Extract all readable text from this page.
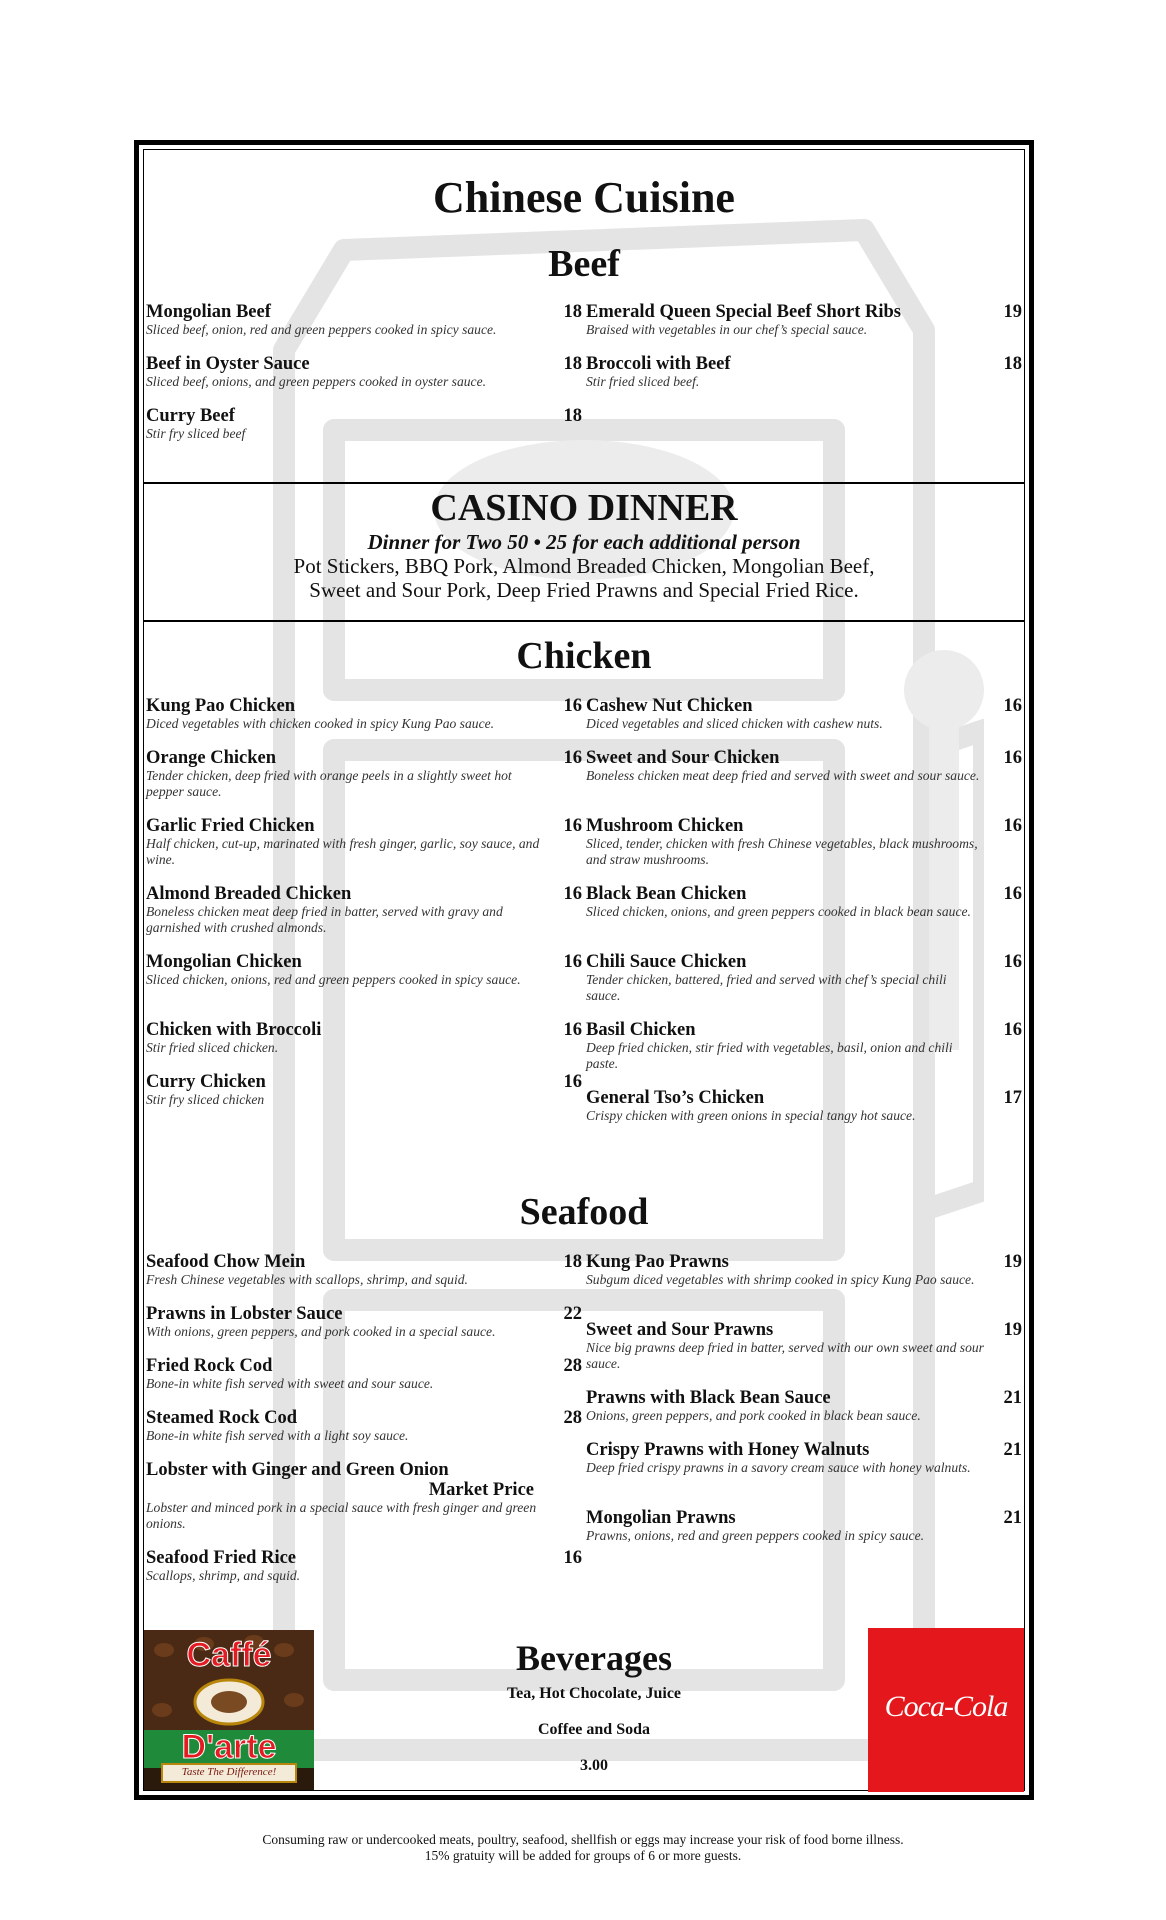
Chinese Cuisine
Beef
Mongolian Beef	18
Sliced beef, onion, red and green peppers cooked in spicy sauce.
Beef in Oyster Sauce	18
Sliced beef, onions, and green peppers cooked in oyster sauce.
Curry Beef	18
Stir fry sliced beef
Emerald Queen Special Beef Short Ribs	19
Braised with vegetables in our chef’s special sauce.
Broccoli with Beef	18
Stir fried sliced beef.
CASINO DINNER
Dinner for Two 50 • 25 for each additional person
Pot Stickers, BBQ Pork, Almond Breaded Chicken, Mongolian Beef,
Sweet and Sour Pork, Deep Fried Prawns and Special Fried Rice.
Chicken
Kung Pao Chicken	16
Diced vegetables with chicken cooked in spicy Kung Pao sauce.
Orange Chicken	16
Tender chicken, deep fried with orange peels in a slightly sweet hot pepper sauce.
Garlic Fried Chicken	16
Half chicken, cut-up, marinated with fresh ginger, garlic, soy sauce, and wine.
Almond Breaded Chicken	16
Boneless chicken meat deep fried in batter, served with gravy and garnished with crushed almonds.
Mongolian Chicken	16
Sliced chicken, onions, red and green peppers cooked in spicy sauce.
Chicken with Broccoli	16
Stir fried sliced chicken.
Curry Chicken	16
Stir fry sliced chicken
Cashew Nut Chicken	16
Diced vegetables and sliced chicken with cashew nuts.
Sweet and Sour Chicken	16
Boneless chicken meat deep fried and served with sweet and sour sauce.
Mushroom Chicken	16
Sliced, tender, chicken with fresh Chinese vegetables, black mushrooms, and straw mushrooms.
Black Bean Chicken	16
Sliced chicken, onions, and green peppers cooked in black bean sauce.
Chili Sauce Chicken	16
Tender chicken, battered, fried and served with chef’s special chili sauce.
Basil Chicken	16
Deep fried chicken, stir fried with vegetables, basil, onion and chili paste.
General Tso’s Chicken	17
Crispy chicken with green onions in special tangy hot sauce.
Seafood
Seafood Chow Mein	18
Fresh Chinese vegetables with scallops, shrimp, and squid.
Prawns in Lobster Sauce	22
With onions, green peppers, and pork cooked in a special sauce.
Fried Rock Cod	28
Bone-in white fish served with sweet and sour sauce.
Steamed Rock Cod	28
Bone-in white fish served with a light soy sauce.
Lobster with Ginger and Green Onion
Market Price
Lobster and minced pork in a special sauce with fresh ginger and green onions.
Seafood Fried Rice	16
Scallops, shrimp, and squid.
Kung Pao Prawns	19
Subgum diced vegetables with shrimp cooked in spicy Kung Pao sauce.
Sweet and Sour Prawns	19
Nice big prawns deep fried in batter, served with our own sweet and sour sauce.
Prawns with Black Bean Sauce	21
Onions, green peppers, and pork cooked in black bean sauce.
Crispy Prawns with Honey Walnuts	21
Deep fried crispy prawns in a savory cream sauce with honey walnuts.
Mongolian Prawns	21
Prawns, onions, red and green peppers cooked in spicy sauce.
Caffé
D'arte
Taste The Difference!
Beverages
Tea, Hot Chocolate, Juice
Coffee and Soda
3.00
Coca-Cola
Consuming raw or undercooked meats, poultry, seafood, shellfish or eggs may increase your risk of food borne illness.
15% gratuity will be added for groups of 6 or more guests.
